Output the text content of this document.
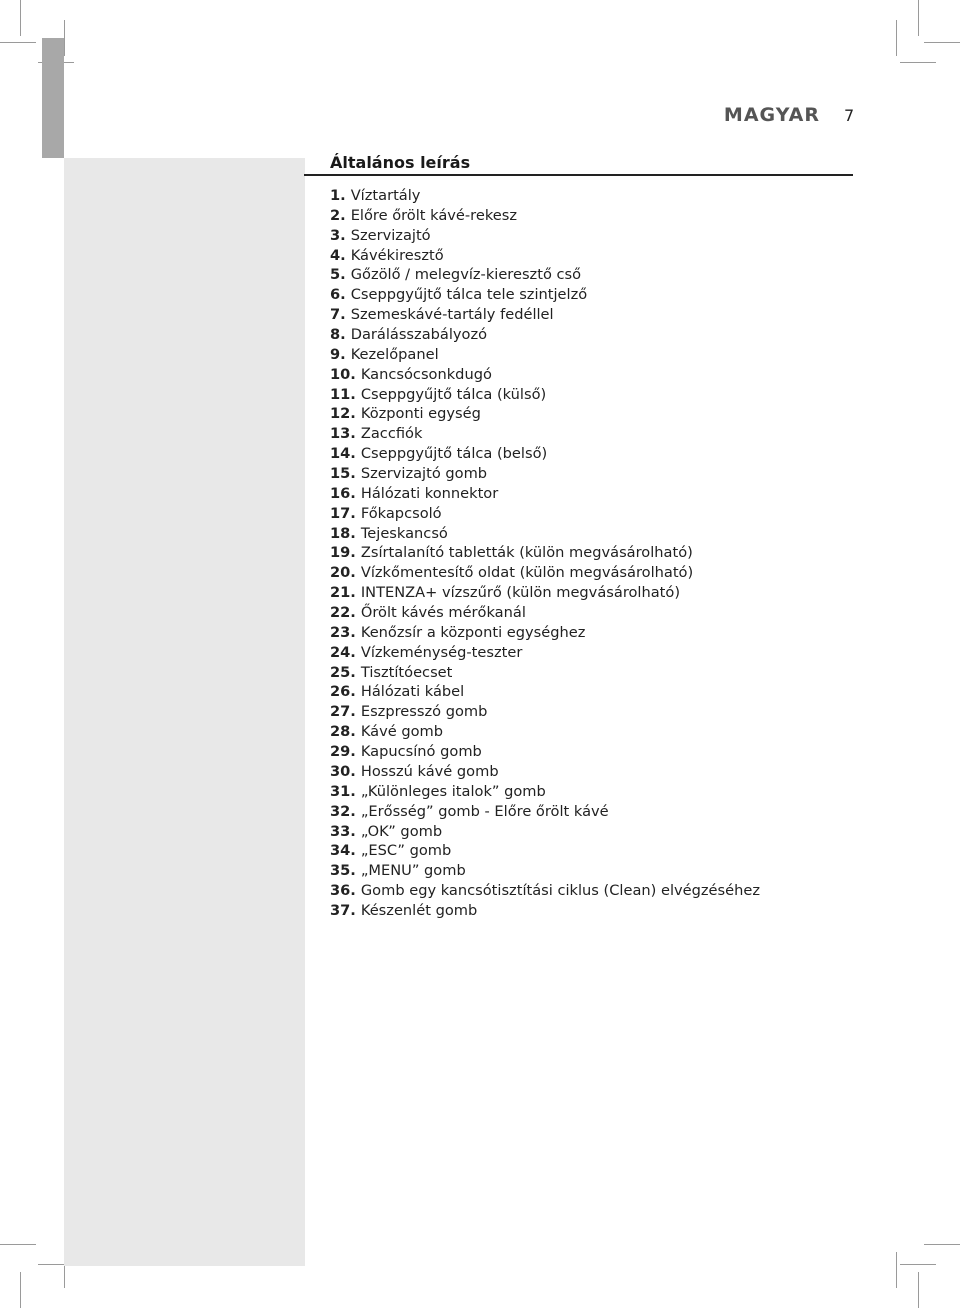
MAGYAR 7
Általános leírás
1. Víztartály
2. Előre őrölt kávé-rekesz
3. Szervizajtó
4. Kávékiresztő
5. Gőzölő / melegvíz-kieresztő cső
6. Cseppgyűjtő tálca tele szintjelző
7. Szemeskávé-tartály fedéllel
8. Darálásszabályozó
9. Kezelőpanel
10. Kancsócsonkdugó
11. Cseppgyűjtő tálca (külső)
12. Központi egység
13. Zaccfiók
14. Cseppgyűjtő tálca (belső)
15. Szervizajtó gomb
16. Hálózati konnektor
17. Főkapcsoló
18. Tejeskancsó
19. Zsírtalanító tabletták (külön megvásárolható)
20. Vízkőmentesítő oldat (külön megvásárolható)
21. INTENZA+ vízszűrő (külön megvásárolható)
22. Őrölt kávés mérőkanál
23. Kenőzsír a központi egységhez
24. Vízkeménység-teszter
25. Tisztítóecset
26. Hálózati kábel
27. Eszpresszó gomb
28. Kávé gomb
29. Kapucsínó gomb
30. Hosszú kávé gomb
31. „Különleges italok” gomb
32. „Erősség” gomb - Előre őrölt kávé
33. „OK” gomb
34. „ESC” gomb
35. „MENU” gomb
36. Gomb egy kancsótisztítási ciklus (Clean) elvégzéséhez
37. Készenlét gomb
